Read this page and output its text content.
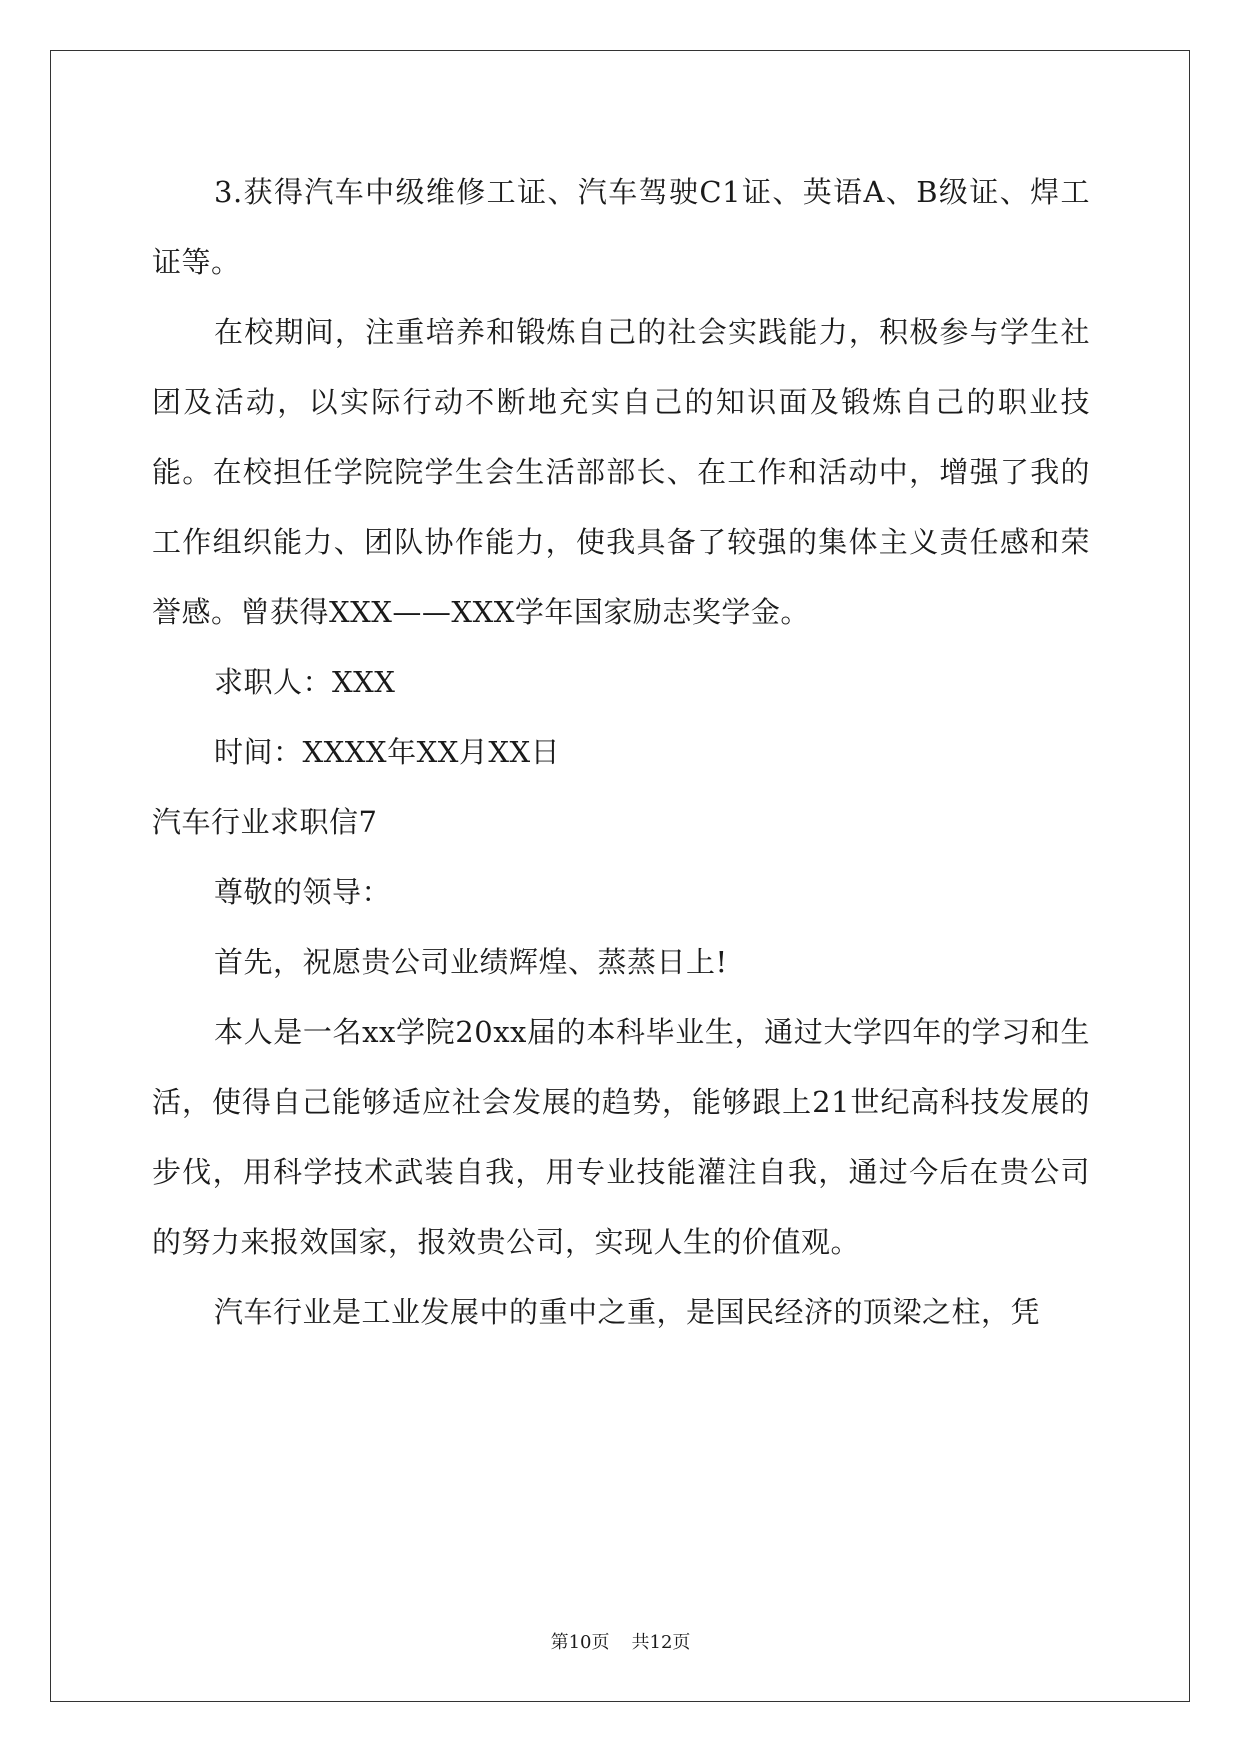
3.获得汽车中级维修工证、汽车驾驶C1证、英语A、B级证、焊工证等。

在校期间，注重培养和锻炼自己的社会实践能力，积极参与学生社团及活动，以实际行动不断地充实自己的知识面及锻炼自己的职业技能。在校担任学院院学生会生活部部长、在工作和活动中，增强了我的工作组织能力、团队协作能力，使我具备了较强的集体主义责任感和荣誉感。曾获得XXX——XXX学年国家励志奖学金。

求职人：XXX

时间：XXXX年XX月XX日

汽车行业求职信7

尊敬的领导：

首先，祝愿贵公司业绩辉煌、蒸蒸日上!

本人是一名xx学院20xx届的本科毕业生，通过大学四年的学习和生活，使得自己能够适应社会发展的趋势，能够跟上21世纪高科技发展的步伐，用科学技术武装自我，用专业技能灌注自我，通过今后在贵公司的努力来报效国家，报效贵公司，实现人生的价值观。

汽车行业是工业发展中的重中之重，是国民经济的顶梁之柱，凭

第10页 共12页
